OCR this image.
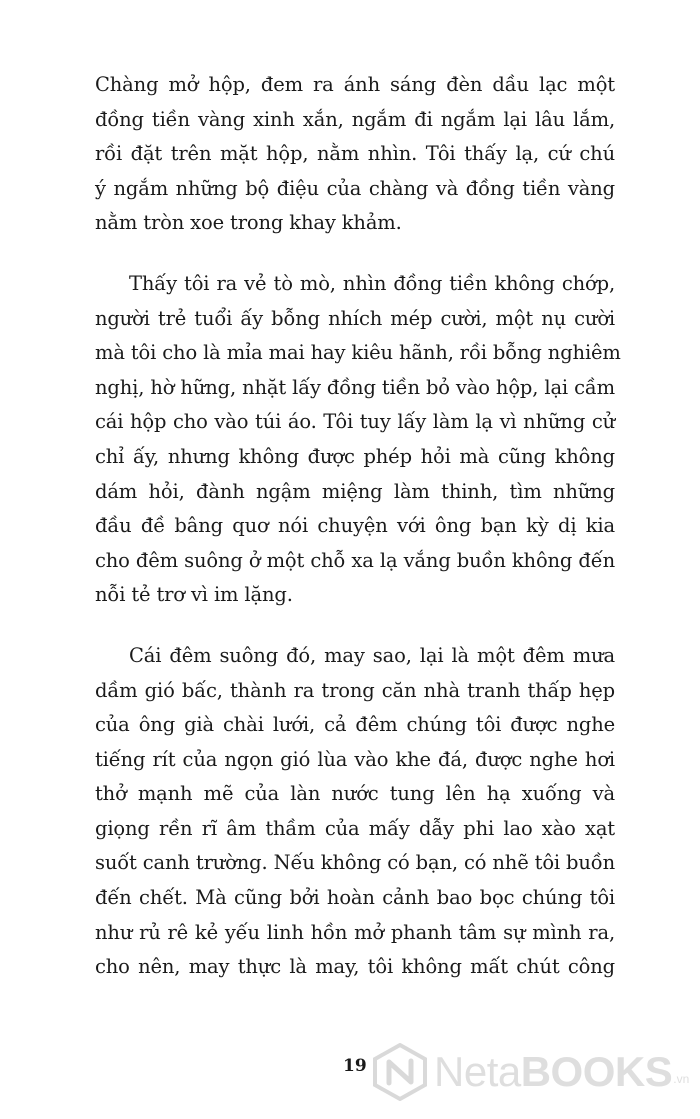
Chàng mở hộp, đem ra ánh sáng đèn dầu lạc một
đồng tiền vàng xinh xắn, ngắm đi ngắm lại lâu lắm,
rồi đặt trên mặt hộp, nằm nhìn. Tôi thấy lạ, cứ chú
ý ngắm những bộ điệu của chàng và đồng tiền vàng
nằm tròn xoe trong khay khảm.
Thấy tôi ra vẻ tò mò, nhìn đồng tiền không chớp,
người trẻ tuổi ấy bỗng nhích mép cười, một nụ cười
mà tôi cho là mỉa mai hay kiêu hãnh, rồi bỗng nghiêm
nghị, hờ hững, nhặt lấy đồng tiền bỏ vào hộp, lại cầm
cái hộp cho vào túi áo. Tôi tuy lấy làm lạ vì những cử
chỉ ấy, nhưng không được phép hỏi mà cũng không
dám hỏi, đành ngậm miệng làm thinh, tìm những
đầu đề bâng quơ nói chuyện với ông bạn kỳ dị kia
cho đêm suông ở một chỗ xa lạ vắng buồn không đến
nỗi tẻ trơ vì im lặng.
Cái đêm suông đó, may sao, lại là một đêm mưa
dầm gió bấc, thành ra trong căn nhà tranh thấp hẹp
của ông già chài lưới, cả đêm chúng tôi được nghe
tiếng rít của ngọn gió lùa vào khe đá, được nghe hơi
thở mạnh mẽ của làn nước tung lên hạ xuống và
giọng rền rĩ âm thầm của mấy dẫy phi lao xào xạt
suốt canh trường. Nếu không có bạn, có nhẽ tôi buồn
đến chết. Mà cũng bởi hoàn cảnh bao bọc chúng tôi
như rủ rê kẻ yếu linh hồn mở phanh tâm sự mình ra,
cho nên, may thực là may, tôi không mất chút công
19 NetaBOOKS .vn
